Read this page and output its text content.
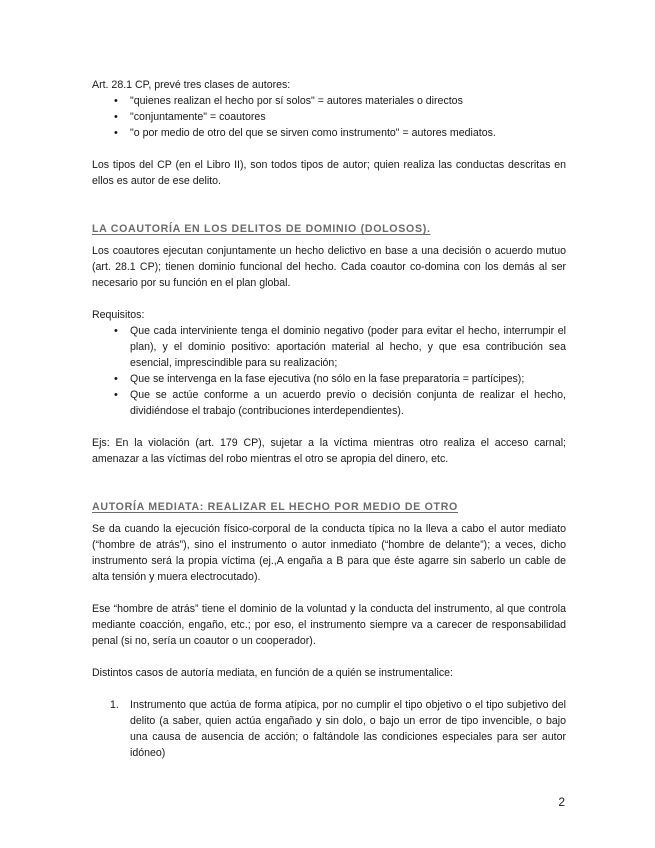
Art. 28.1 CP, prevé tres clases de autores:

• "quienes realizan el hecho por sí solos" = autores materiales o directos
• "conjuntamente" = coautores
• "o por medio de otro del que se sirven como instrumento" = autores mediatos.

Los tipos del CP (en el Libro II), son todos tipos de autor; quien realiza las conductas descritas en ellos es autor de ese delito.

LA COAUTORÍA EN LOS DELITOS DE DOMINIO (DOLOSOS).

Los coautores ejecutan conjuntamente un hecho delictivo en base a una decisión o acuerdo mutuo (art. 28.1 CP); tienen dominio funcional del hecho. Cada coautor co-domina con los demás al ser necesario por su función en el plan global.

Requisitos:

• Que cada interviniente tenga el dominio negativo (poder para evitar el hecho, interrumpir el plan), y el dominio positivo: aportación material al hecho, y que esa contribución sea esencial, imprescindible para su realización;
• Que se intervenga en la fase ejecutiva (no sólo en la fase preparatoria = partícipes);
• Que se actúe conforme a un acuerdo previo o decisión conjunta de realizar el hecho, dividiéndose el trabajo (contribuciones interdependientes).

Ejs: En la violación (art. 179 CP), sujetar a la víctima mientras otro realiza el acceso carnal; amenazar a las víctimas del robo mientras el otro se apropia del dinero, etc.

AUTORÍA MEDIATA: REALIZAR EL HECHO POR MEDIO DE OTRO

Se da cuando la ejecución físico-corporal de la conducta típica no la lleva a cabo el autor mediato (“hombre de atrás”), sino el instrumento o autor inmediato (“hombre de delante”); a veces, dicho instrumento será la propia víctima (ej.,A engaña a B para que éste agarre sin saberlo un cable de alta tensión y muera electrocutado).

Ese “hombre de atrás” tiene el dominio de la voluntad y la conducta del instrumento, al que controla mediante coacción, engaño, etc.; por eso, el instrumento siempre va a carecer de responsabilidad penal (si no, sería un coautor o un cooperador).

Distintos casos de autoría mediata, en función de a quién se instrumentalice:

1. Instrumento que actúa de forma atípica, por no cumplir el tipo objetivo o el tipo subjetivo del delito (a saber, quien actúa engañado y sin dolo, o bajo un error de tipo invencible, o bajo una causa de ausencia de acción; o faltándole las condiciones especiales para ser autor idóneo)
2
